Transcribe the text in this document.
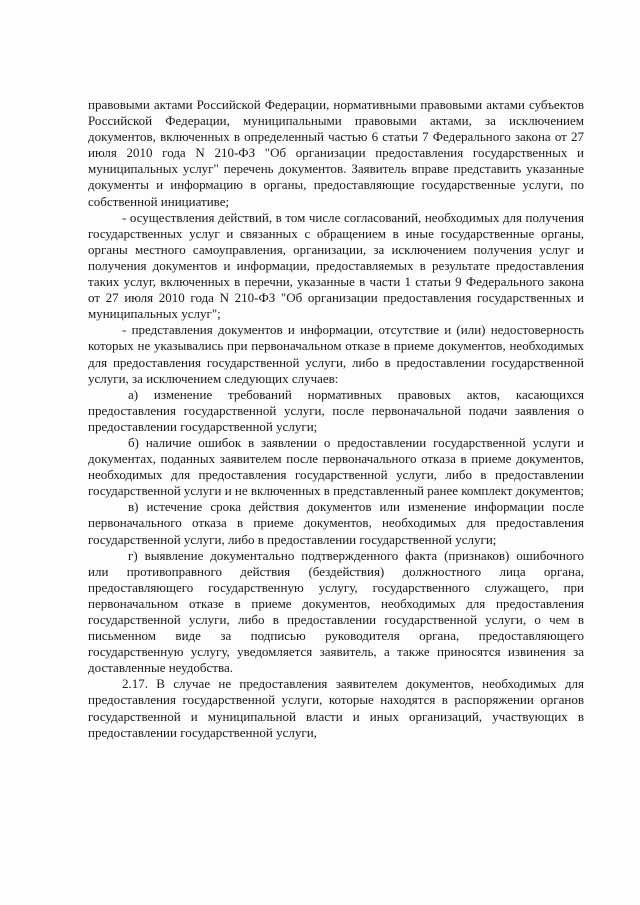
правовыми актами Российской Федерации, нормативными правовыми актами субъектов Российской Федерации, муниципальными правовыми актами, за исключением документов, включенных в определенный частью 6 статьи 7 Федерального закона от 27 июля 2010 года N 210-ФЗ "Об организации предоставления государственных и муниципальных услуг" перечень документов. Заявитель вправе представить указанные документы и информацию в органы, предоставляющие государственные услуги, по собственной инициативе;

- осуществления действий, в том числе согласований, необходимых для получения государственных услуг и связанных с обращением в иные государственные органы, органы местного самоуправления, организации, за исключением получения услуг и получения документов и информации, предоставляемых в результате предоставления таких услуг, включенных в перечни, указанные в части 1 статьи 9 Федерального закона от 27 июля 2010 года N 210-ФЗ "Об организации предоставления государственных и муниципальных услуг";

- представления документов и информации, отсутствие и (или) недостоверность которых не указывались при первоначальном отказе в приеме документов, необходимых для предоставления государственной услуги, либо в предоставлении государственной услуги, за исключением следующих случаев:

а) изменение требований нормативных правовых актов, касающихся предоставления государственной услуги, после первоначальной подачи заявления о предоставлении государственной услуги;

б) наличие ошибок в заявлении о предоставлении государственной услуги и документах, поданных заявителем после первоначального отказа в приеме документов, необходимых для предоставления государственной услуги, либо в предоставлении государственной услуги и не включенных в представленный ранее комплект документов;

в) истечение срока действия документов или изменение информации после первоначального отказа в приеме документов, необходимых для предоставления государственной услуги, либо в предоставлении государственной услуги;

г) выявление документально подтвержденного факта (признаков) ошибочного или противоправного действия (бездействия) должностного лица органа, предоставляющего государственную услугу, государственного служащего, при первоначальном отказе в приеме документов, необходимых для предоставления государственной услуги, либо в предоставлении государственной услуги, о чем в письменном виде за подписью руководителя органа, предоставляющего государственную услугу, уведомляется заявитель, а также приносятся извинения за доставленные неудобства.

2.17. В случае не предоставления заявителем документов, необходимых для предоставления государственной услуги, которые находятся в распоряжении органов государственной и муниципальной власти и иных организаций, участвующих в предоставлении государственной услуги,
